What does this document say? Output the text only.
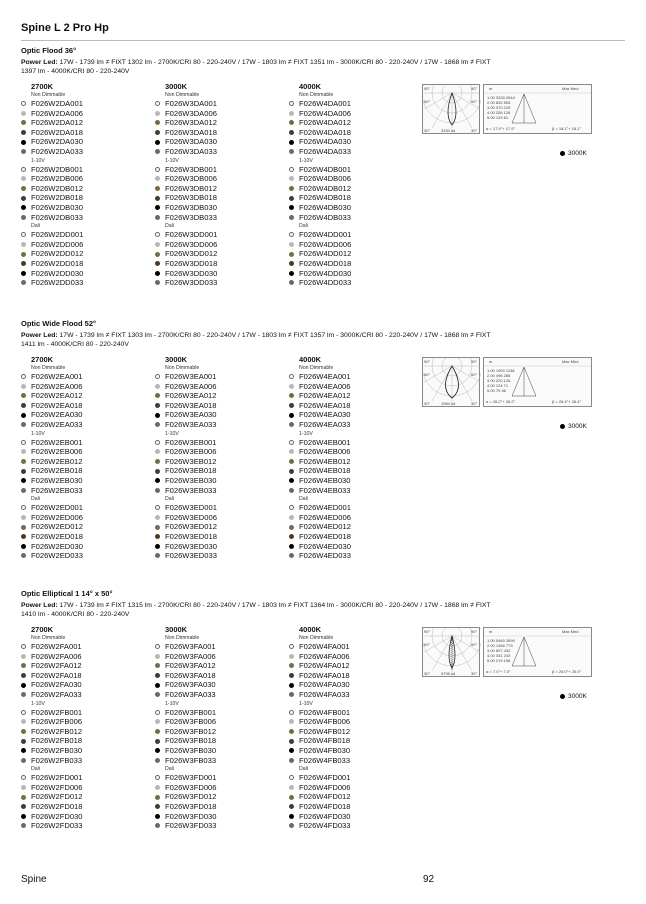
Spine L 2 Pro Hp
Optic Flood 36°
Power Led: 17W - 1739 lm ≠ FIXT 1302 lm - 2700K/CRI 80 - 220-240V / 17W - 1803 lm ≠ FIXT 1351 lm - 3000K/CRI 80 - 220-240V / 17W - 1868 lm ≠ FIXT
1397 lm - 4000K/CRI 80 - 220-240V
2700K
Non Dimmable
F026W2DA001
F026W2DA006
F026W2DA012
F026W2DA018
F026W2DA030
F026W2DA033
1-10V
F026W2DB001
F026W2DB006
F026W2DB012
F026W2DB018
F026W2DB030
F026W2DB033
Dali
F026W2DD001
F026W2DD006
F026W2DD012
F026W2DD018
F026W2DD030
F026W2DD033
3000K
Non Dimmable
F026W3DA001
F026W3DA006
F026W3DA012
F026W3DA018
F026W3DA030
F026W3DA033
1-10V
F026W3DB001
F026W3DB006
F026W3DB012
F026W3DB018
F026W3DB030
F026W3DB033
Dali
F026W3DD001
F026W3DD006
F026W3DD012
F026W3DD018
F026W3DD030
F026W3DD033
4000K
Non Dimmable
F026W4DA001
F026W4DA006
F026W4DA012
F026W4DA018
F026W4DA030
F026W4DA033
1-10V
F026W4DB001
F026W4DB006
F026W4DB012
F026W4DB018
F026W4DB030
F026W4DB033
Dali
F026W4DD001
F026W4DD006
F026W4DD012
F026W4DD018
F026W4DD030
F026W4DD033
90°	90°
60°	60°
30°	30°
3330 cd
m	Max Med
1.00 3330 2644
2.00 832 506
3.00 370 225
4.00 208 126
5.00 133 81
α = 17.9°+ 17.9°	β = 18.1°+ 18.1°
3000K
Optic Wide Flood 52°
Power Led: 17W - 1739 lm ≠ FIXT 1303 lm - 2700K/CRI 80 - 220-240V / 17W - 1803 lm ≠ FIXT 1357 lm - 3000K/CRI 80 - 220-240V / 17W - 1868 lm ≠ FIXT
1411 lm - 4000K/CRI 80 - 220-240V
2700K
Non Dimmable
F026W2EA001
F026W2EA006
F026W2EA012
F026W2EA018
F026W2EA030
F026W2EA033
1-10V
F026W2EB001
F026W2EB006
F026W2EB012
F026W2EB018
F026W2EB030
F026W2EB033
Dali
F026W2ED001
F026W2ED006
F026W2ED012
F026W2ED018
F026W2ED030
F026W2ED033
3000K
Non Dimmable
F026W3EA001
F026W3EA006
F026W3EA012
F026W3EA018
F026W3EA030
F026W3EA033
1-10V
F026W3EB001
F026W3EB006
F026W3EB012
F026W3EB018
F026W3EB030
F026W3EB033
Dali
F026W3ED001
F026W3ED006
F026W3ED012
F026W3ED018
F026W3ED030
F026W3ED033
4000K
Non Dimmable
F026W4EA001
F026W4EA006
F026W4EA012
F026W4EA018
F026W4EA030
F026W4EA033
1-10V
F026W4EB001
F026W4EB006
F026W4EB012
F026W4EB018
F026W4EB030
F026W4EB033
Dali
F026W4ED001
F026W4ED006
F026W4ED012
F026W4ED018
F026W4ED030
F026W4ED033
90°	90°
60°	60°
30°	30°
1984 cd
m	Max Med
1.00 1900 1138
2.00 496 285
3.00 220 126
4.00 124 71
5.00 79 46
α = 26.2°+ 26.2°	β = 26.4°+ 26.4°
3000K
Optic Elliptical 1 14° x 50°
Power Led: 17W - 1739 lm ≠ FIXT 1315 lm - 2700K/CRI 80 - 220-240V / 17W - 1803 lm ≠ FIXT 1364 lm - 3000K/CRI 80 - 220-240V / 17W - 1868 lm ≠ FIXT
1410 lm - 4000K/CRI 80 - 220-240V
2700K
Non Dimmable
F026W2FA001
F026W2FA006
F026W2FA012
F026W2FA018
F026W2FA030
F026W2FA033
1-10V
F026W2FB001
F026W2FB006
F026W2FB012
F026W2FB018
F026W2FB030
F026W2FB033
Dali
F026W2FD001
F026W2FD006
F026W2FD012
F026W2FD018
F026W2FD030
F026W2FD033
3000K
Non Dimmable
F026W3FA001
F026W3FA006
F026W3FA012
F026W3FA018
F026W3FA030
F026W3FA033
1-10V
F026W3FB001
F026W3FB006
F026W3FB012
F026W3FB018
F026W3FB030
F026W3FB033
Dali
F026W3FD001
F026W3FD006
F026W3FD012
F026W3FD018
F026W3FD030
F026W3FD033
4000K
Non Dimmable
F026W4FA001
F026W4FA006
F026W4FA012
F026W4FA018
F026W4FA030
F026W4FA033
1-10V
F026W4FB001
F026W4FB006
F026W4FB012
F026W4FB018
F026W4FB030
F026W4FB033
Dali
F026W4FD001
F026W4FD006
F026W4FD012
F026W4FD018
F026W4FD030
F026W4FD033
90°	90°
60°	60°
30°	30°
5795 cd
m	Max Med
1.00 5460 3990
2.00 1366 773
3.00 607 432
4.00 341 243
5.00 219 156
α = 7.0°+ 7.0°	β = 25.0°+ 25.0°
3000K
Spine	92
